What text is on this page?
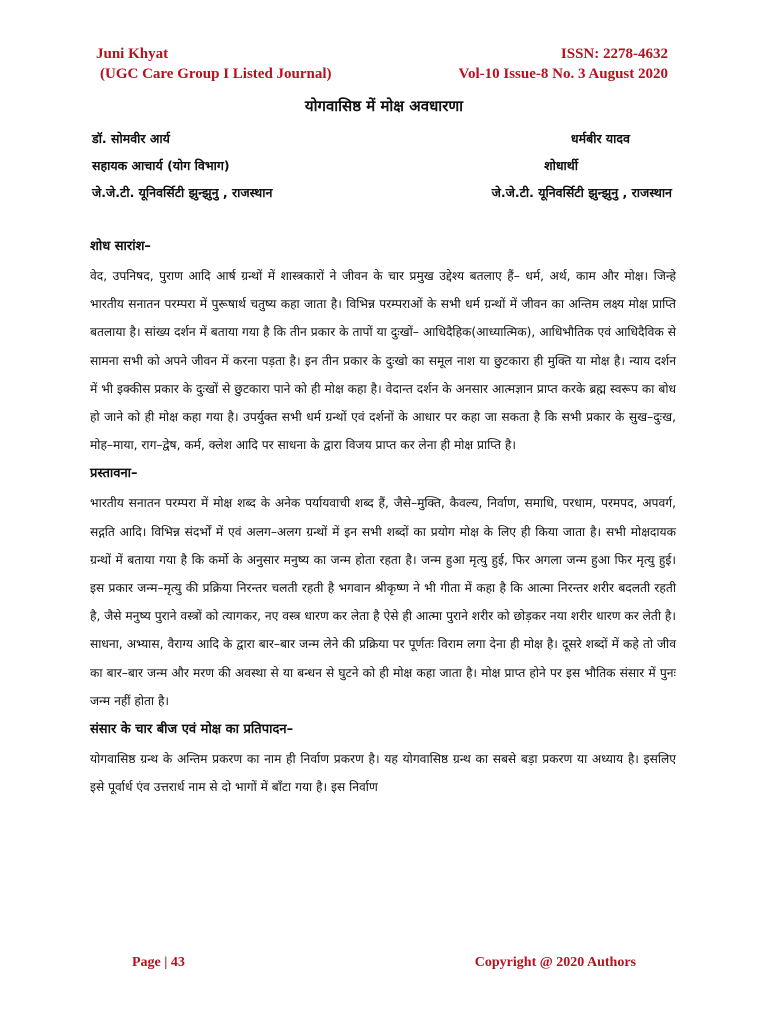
Juni Khyat
(UGC Care Group I Listed Journal)
ISSN: 2278-4632
Vol-10 Issue-8 No. 3 August 2020
योगवासिष्ठ में मोक्ष अवधारणा
डॉ. सोमवीर आर्य	धर्मबीर यादव
सहायक आचार्य (योग विभाग)	शोधार्थी
जे.जे.टी. यूनिवर्सिटी झुन्झुनु , राजस्थान	जे.जे.टी. यूनिवर्सिटी झुन्झुनु , राजस्थान
शोध सारांश–

वेद, उपनिषद, पुराण आदि आर्ष ग्रन्थों में शास्त्रकारों ने जीवन के चार प्रमुख उद्देश्य बतलाए हैं– धर्म, अर्थ, काम और मोक्ष। जिन्हे भारतीय सनातन परम्परा में पुरूषार्थ चतुष्य कहा जाता है। विभिन्न परम्पराओं के सभी धर्म ग्रन्थों में जीवन का अन्तिम लक्ष्य मोक्ष प्राप्ति बतलाया है। सांख्य दर्शन में बताया गया है कि तीन प्रकार के तापों या दुःखों– आधिदैहिक(आध्यात्मिक), आधिभौतिक एवं आधिदैविक से सामना सभी को अपने जीवन में करना पड़ता है। इन तीन प्रकार के दुःखो का समूल नाश या छुटकारा ही मुक्ति या मोक्ष है। न्याय दर्शन में भी इक्कीस प्रकार के दुःखों से छुटकारा पाने को ही मोक्ष कहा है। वेदान्त दर्शन के अनसार आत्मज्ञान प्राप्त करके ब्रह्म स्वरूप का बोध हो जाने को ही मोक्ष कहा गया है। उपर्युक्त सभी धर्म ग्रन्थों एवं दर्शनों के आधार पर कहा जा सकता है कि सभी प्रकार के सुख–दुःख, मोह–माया, राग–द्वेष, कर्म, क्लेश आदि पर साधना के द्वारा विजय प्राप्त कर लेना ही मोक्ष प्राप्ति है।

प्रस्तावना–

भारतीय सनातन परम्परा में मोक्ष शब्द के अनेक पर्यायवाची शब्द हैं, जैसे–मुक्ति, कैवल्य, निर्वाण, समाधि, परधाम, परमपद, अपवर्ग, सद्गति आदि। विभिन्न संदर्भों में एवं अलग–अलग ग्रन्थों में इन सभी शब्दों का प्रयोग मोक्ष के लिए ही किया जाता है। सभी मोक्षदायक ग्रन्थों में बताया गया है कि कर्मो के अनुसार मनुष्य का जन्म होता रहता है। जन्म हुआ मृत्यु हुई, फिर अगला जन्म हुआ फिर मृत्यु हुई। इस प्रकार जन्म–मृत्यु की प्रक्रिया निरन्तर चलती रहती है भगवान श्रीकृष्ण ने भी गीता में कहा है कि आत्मा निरन्तर शरीर बदलती रहती है, जैसे मनुष्य पुराने वस्त्रों को त्यागकर, नए वस्त्र धारण कर लेता है ऐसे ही आत्मा पुराने शरीर को छोड़कर नया शरीर धारण कर लेती है। साधना, अभ्यास, वैराग्य आदि के द्वारा बार–बार जन्म लेने की प्रक्रिया पर पूर्णतः विराम लगा देना ही मोक्ष है। दूसरे शब्दों में कहे तो जीव का बार–बार जन्म और मरण की अवस्था से या बन्धन से घुटने को ही मोक्ष कहा जाता है। मोक्ष प्राप्त होने पर इस भौतिक संसार में पुनः जन्म नहीं होता है।

संसार के चार बीज एवं मोक्ष का प्रतिपादन–

योगवासिष्ठ ग्रन्थ के अन्तिम प्रकरण का नाम ही निर्वाण प्रकरण है। यह योगवासिष्ठ ग्रन्थ का सबसे बड़ा प्रकरण या अध्याय है। इसलिए इसे पूर्वार्ध एंव उत्तरार्ध नाम से दो भागों में बाँटा गया है। इस निर्वाण

Page | 43	Copyright @ 2020 Authors
